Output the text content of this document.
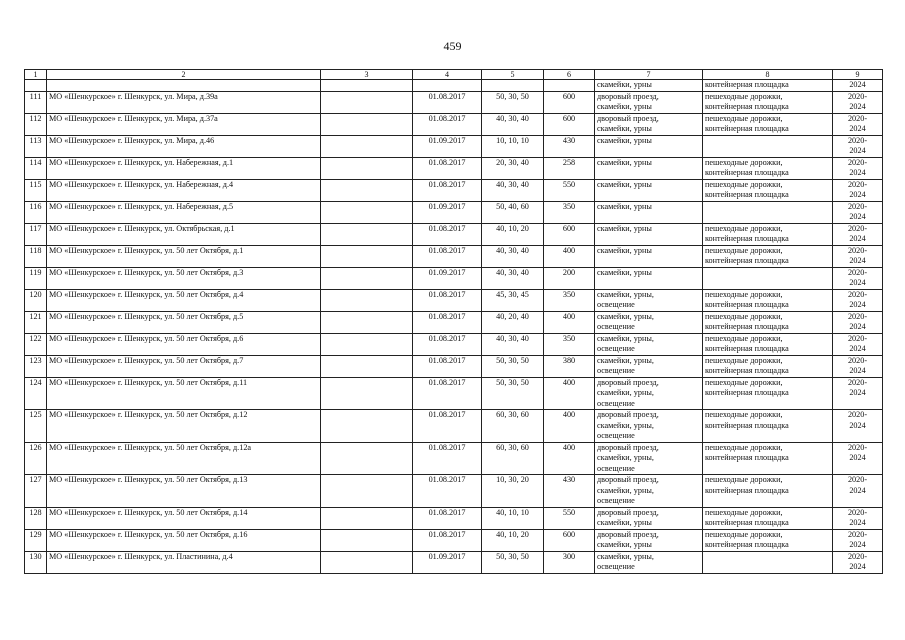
459
1	2	3	4	5	6	7	8	9

						скамейки, урны	контейнерная площадка	2024

111	МО «Шенкурское» г. Шенкурск, ул. Мира, д.39а		01.08.2017	50, 30, 50	600	дворовый проезд,
скамейки, урны	пешеходные дорожки,
контейнерная площадка	2020-
2024

112	МО «Шенкурское» г. Шенкурск, ул. Мира, д.37а		01.08.2017	40, 30, 40	600	дворовый проезд,
скамейки, урны	пешеходные дорожки,
контейнерная площадка	2020-
2024

113	МО «Шенкурское» г. Шенкурск, ул. Мира, д.46		01.09.2017	10, 10, 10	430	скамейки, урны		2020-
2024

114	МО «Шенкурское» г. Шенкурск, ул. Набережная, д.1		01.08.2017	20, 30, 40	258	скамейки, урны	пешеходные дорожки,
контейнерная площадка	2020-
2024

115	МО «Шенкурское» г. Шенкурск, ул. Набережная, д.4		01.08.2017	40, 30, 40	550	скамейки, урны	пешеходные дорожки,
контейнерная площадка	2020-
2024

116	МО «Шенкурское» г. Шенкурск, ул. Набережная, д.5		01.09.2017	50, 40, 60	350	скамейки, урны		2020-
2024

117	МО «Шенкурское» г. Шенкурск, ул. Октябрьская, д.1		01.08.2017	40, 10, 20	600	скамейки, урны	пешеходные дорожки,
контейнерная площадка	2020-
2024

118	МО «Шенкурское» г. Шенкурск, ул. 50 лет Октября, д.1		01.08.2017	40, 30, 40	400	скамейки, урны	пешеходные дорожки,
контейнерная площадка	2020-
2024

119	МО «Шенкурское» г. Шенкурск, ул. 50 лет Октября, д.3		01.09.2017	40, 30, 40	200	скамейки, урны		2020-
2024

120	МО «Шенкурское» г. Шенкурск, ул. 50 лет Октября, д.4		01.08.2017	45, 30, 45	350	скамейки, урны,
освещение	пешеходные дорожки,
контейнерная площадка	2020-
2024

121	МО «Шенкурское» г. Шенкурск, ул. 50 лет Октября, д.5		01.08.2017	40, 20, 40	400	скамейки, урны,
освещение	пешеходные дорожки,
контейнерная площадка	2020-
2024

122	МО «Шенкурское» г. Шенкурск, ул. 50 лет Октября, д.6		01.08.2017	40, 30, 40	350	скамейки, урны,
освещение	пешеходные дорожки,
контейнерная площадка	2020-
2024

123	МО «Шенкурское» г. Шенкурск, ул. 50 лет Октября, д.7		01.08.2017	50, 30, 50	380	скамейки, урны,
освещение	пешеходные дорожки,
контейнерная площадка	2020-
2024

124	МО «Шенкурское» г. Шенкурск, ул. 50 лет Октября, д.11		01.08.2017	50, 30, 50	400	дворовый проезд,
скамейки, урны,
освещение	пешеходные дорожки,
контейнерная площадка	2020-
2024

125	МО «Шенкурское» г. Шенкурск, ул. 50 лет Октября, д.12		01.08.2017	60, 30, 60	400	дворовый проезд,
скамейки, урны,
освещение	пешеходные дорожки,
контейнерная площадка	2020-
2024

126	МО «Шенкурское» г. Шенкурск, ул. 50 лет Октября, д.12а		01.08.2017	60, 30, 60	400	дворовый проезд,
скамейки, урны,
освещение	пешеходные дорожки,
контейнерная площадка	2020-
2024

127	МО «Шенкурское» г. Шенкурск, ул. 50 лет Октября, д.13		01.08.2017	10, 30, 20	430	дворовый проезд,
скамейки, урны,
освещение	пешеходные дорожки,
контейнерная площадка	2020-
2024

128	МО «Шенкурское» г. Шенкурск, ул. 50 лет Октября, д.14		01.08.2017	40, 10, 10	550	дворовый проезд,
скамейки, урны	пешеходные дорожки,
контейнерная площадка	2020-
2024

129	МО «Шенкурское» г. Шенкурск, ул. 50 лет Октября, д.16		01.08.2017	40, 10, 20	600	дворовый проезд,
скамейки, урны	пешеходные дорожки,
контейнерная площадка	2020-
2024

130	МО «Шенкурское» г. Шенкурск, ул. Пластинина, д.4		01.09.2017	50, 30, 50	300	скамейки, урны,
освещение		2020-
2024
